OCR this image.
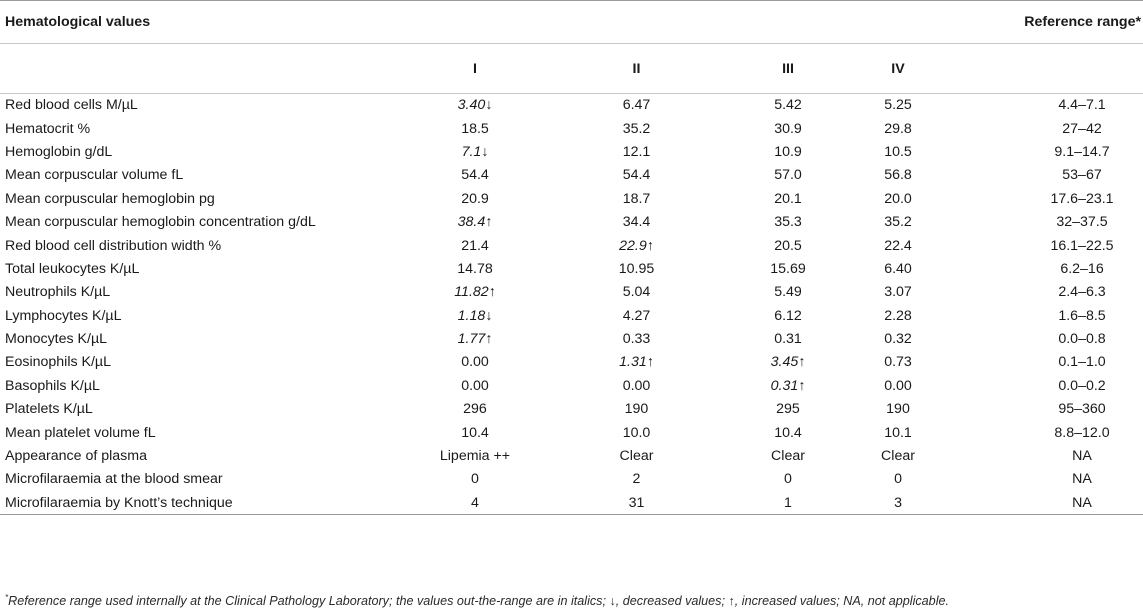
Hematological values					Reference range*
	I	II	III	IV	
Red blood cells M/µL	3.40↓	6.47	5.42	5.25	4.4–7.1
Hematocrit %	18.5	35.2	30.9	29.8	27–42
Hemoglobin g/dL	7.1↓	12.1	10.9	10.5	9.1–14.7
Mean corpuscular volume fL	54.4	54.4	57.0	56.8	53–67
Mean corpuscular hemoglobin pg	20.9	18.7	20.1	20.0	17.6–23.1
Mean corpuscular hemoglobin concentration g/dL	38.4↑	34.4	35.3	35.2	32–37.5
Red blood cell distribution width %	21.4	22.9↑	20.5	22.4	16.1–22.5
Total leukocytes K/µL	14.78	10.95	15.69	6.40	6.2–16
Neutrophils K/µL	11.82↑	5.04	5.49	3.07	2.4–6.3
Lymphocytes K/µL	1.18↓	4.27	6.12	2.28	1.6–8.5
Monocytes K/µL	1.77↑	0.33	0.31	0.32	0.0–0.8
Eosinophils K/µL	0.00	1.31↑	3.45↑	0.73	0.1–1.0
Basophils K/µL	0.00	0.00	0.31↑	0.00	0.0–0.2
Platelets K/µL	296	190	295	190	95–360
Mean platelet volume fL	10.4	10.0	10.4	10.1	8.8–12.0
Appearance of plasma	Lipemia ++	Clear	Clear	Clear	NA
Microfilaraemia at the blood smear	0	2	0	0	NA
Microfilaraemia by Knott’s technique	4	31	1	3	NA
*Reference range used internally at the Clinical Pathology Laboratory; the values out-the-range are in italics; ↓, decreased values; ↑, increased values; NA, not applicable.
